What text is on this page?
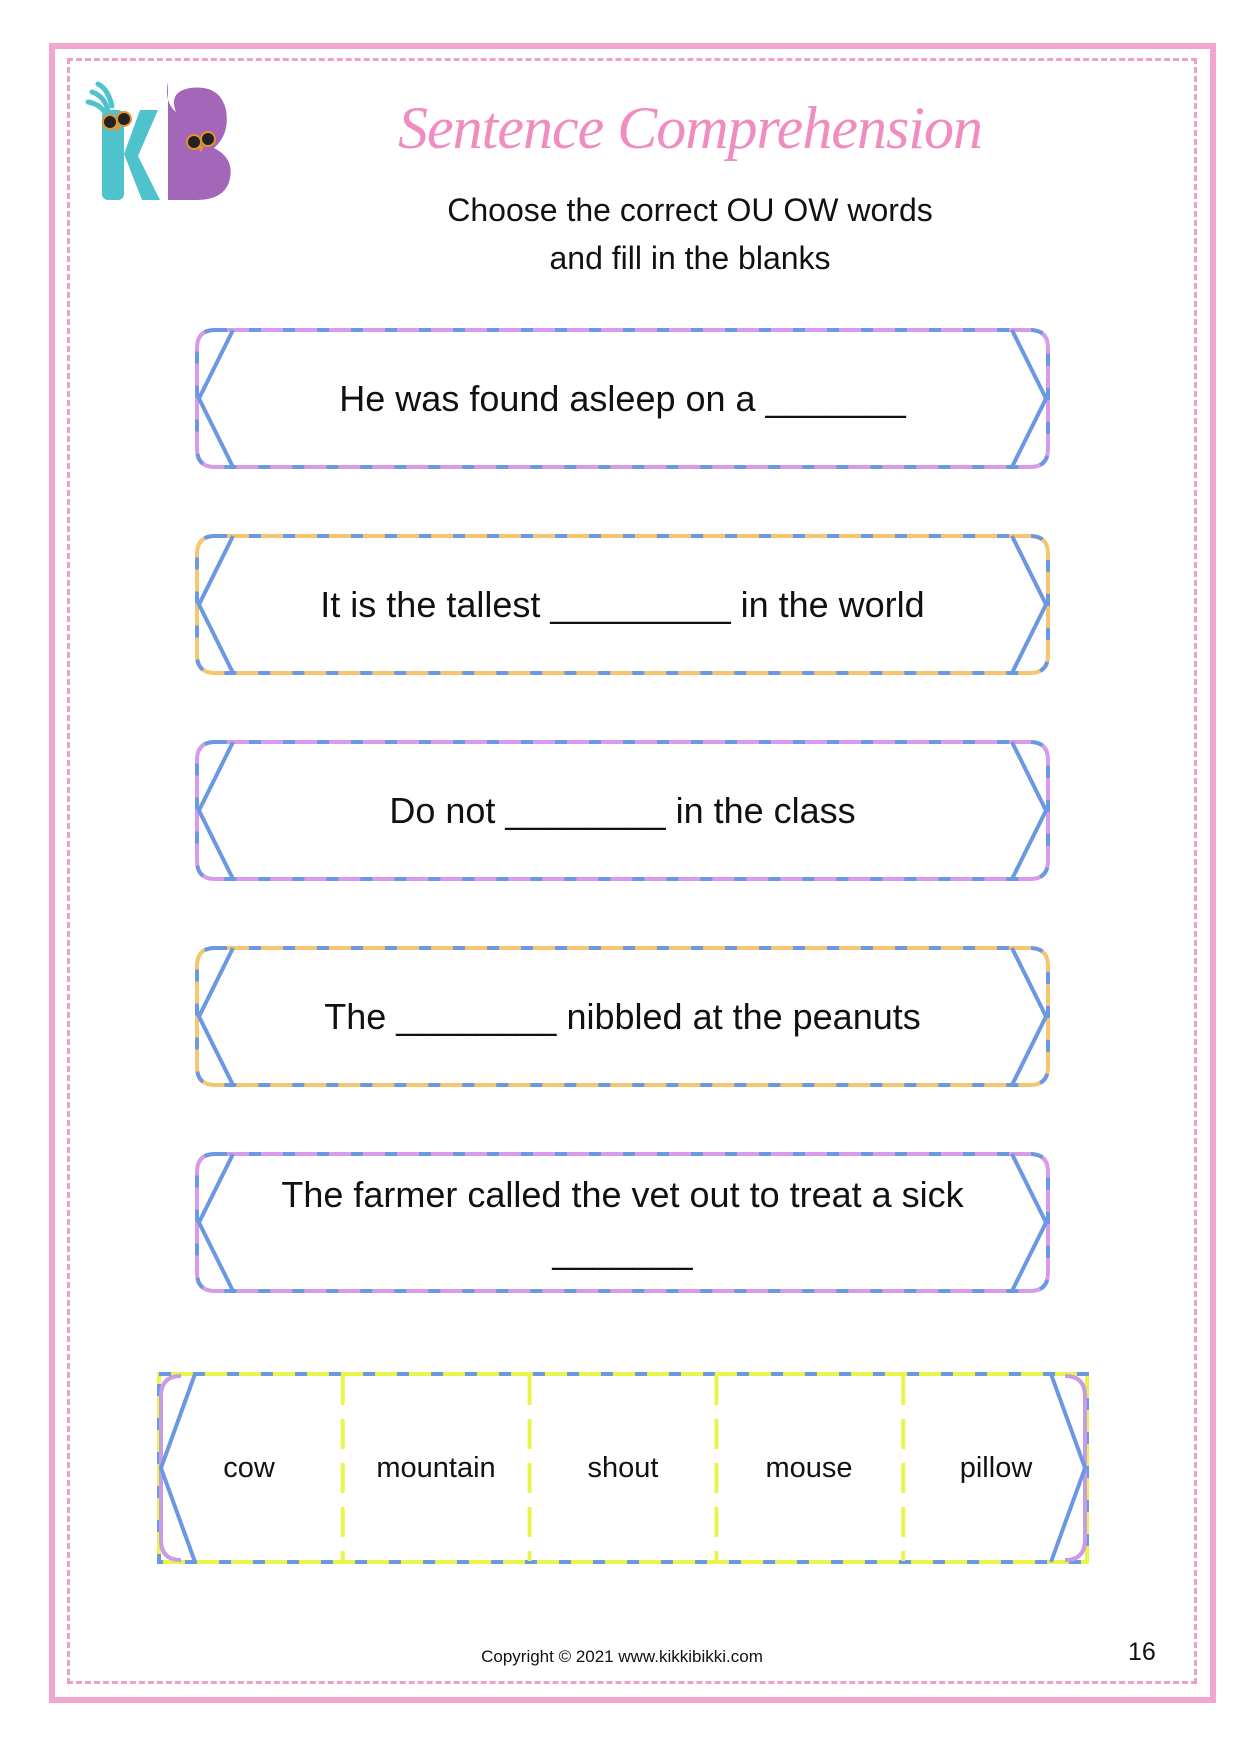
Sentence Comprehension
Choose the correct OU OW words
and fill in the blanks
He was found asleep on a _______
It is the tallest _________ in the world
Do not ________ in the class
The ________ nibbled at the peanuts
The farmer called the vet out to treat a sick
_______
cow	mountain	shout	mouse	pillow
Copyright © 2021 www.kikkibikki.com	16
